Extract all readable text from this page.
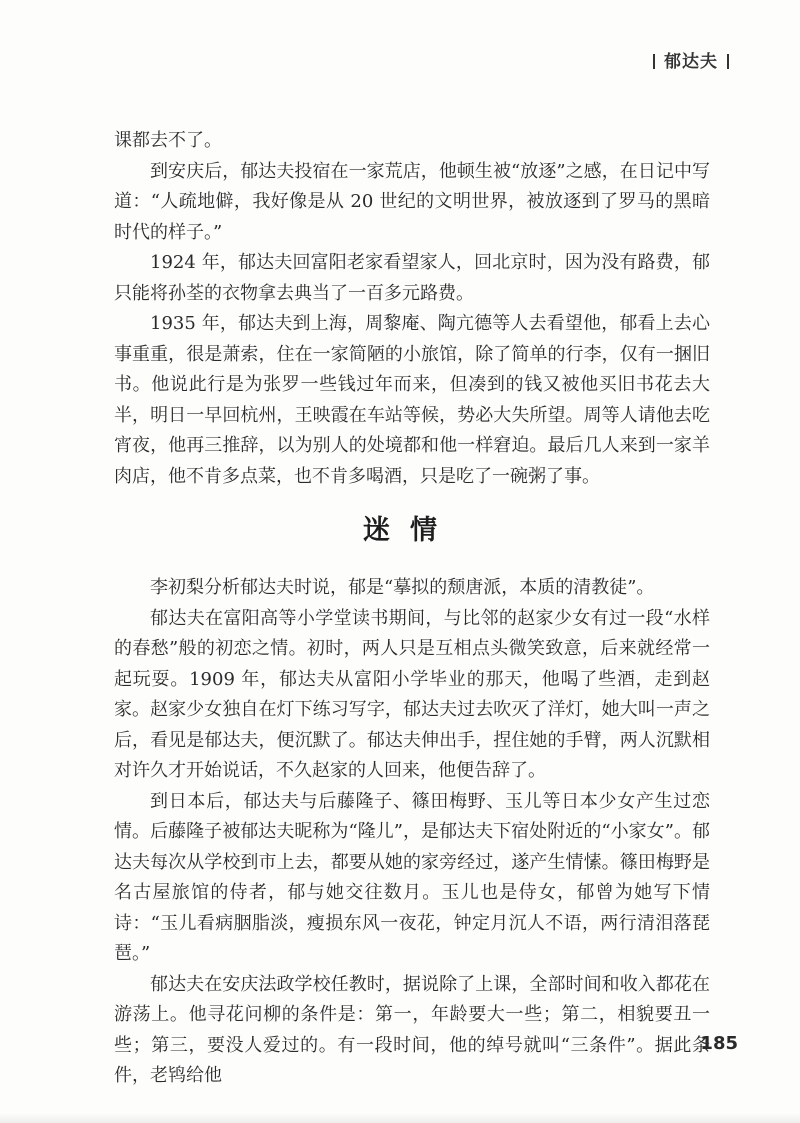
郁达夫

课都去不了。

到安庆后，郁达夫投宿在一家荒店，他顿生被“放逐”之感，在日记中写道：“人疏地僻，我好像是从 20 世纪的文明世界，被放逐到了罗马的黑暗时代的样子。”

1924 年，郁达夫回富阳老家看望家人，回北京时，因为没有路费，郁只能将孙荃的衣物拿去典当了一百多元路费。

1935 年，郁达夫到上海，周黎庵、陶亢德等人去看望他，郁看上去心事重重，很是萧索，住在一家简陋的小旅馆，除了简单的行李，仅有一捆旧书。他说此行是为张罗一些钱过年而来，但凑到的钱又被他买旧书花去大半，明日一早回杭州，王映霞在车站等候，势必大失所望。周等人请他去吃宵夜，他再三推辞，以为别人的处境都和他一样窘迫。最后几人来到一家羊肉店，他不肯多点菜，也不肯多喝酒，只是吃了一碗粥了事。

迷情

李初梨分析郁达夫时说，郁是“摹拟的颓唐派，本质的清教徒”。

郁达夫在富阳高等小学堂读书期间，与比邻的赵家少女有过一段“水样的春愁”般的初恋之情。初时，两人只是互相点头微笑致意，后来就经常一起玩耍。1909 年，郁达夫从富阳小学毕业的那天，他喝了些酒，走到赵家。赵家少女独自在灯下练习写字，郁达夫过去吹灭了洋灯，她大叫一声之后，看见是郁达夫，便沉默了。郁达夫伸出手，捏住她的手臂，两人沉默相对许久才开始说话，不久赵家的人回来，他便告辞了。

到日本后，郁达夫与后藤隆子、篠田梅野、玉儿等日本少女产生过恋情。后藤隆子被郁达夫昵称为“隆儿”，是郁达夫下宿处附近的“小家女”。郁达夫每次从学校到市上去，都要从她的家旁经过，遂产生情愫。篠田梅野是名古屋旅馆的侍者，郁与她交往数月。玉儿也是侍女，郁曾为她写下情诗：“玉儿看病胭脂淡，瘦损东风一夜花，钟定月沉人不语，两行清泪落琵琶。”

郁达夫在安庆法政学校任教时，据说除了上课，全部时间和收入都花在游荡上。他寻花问柳的条件是：第一，年龄要大一些；第二，相貌要丑一些；第三，要没人爱过的。有一段时间，他的绰号就叫“三条件”。据此条件，老鸨给他

185
